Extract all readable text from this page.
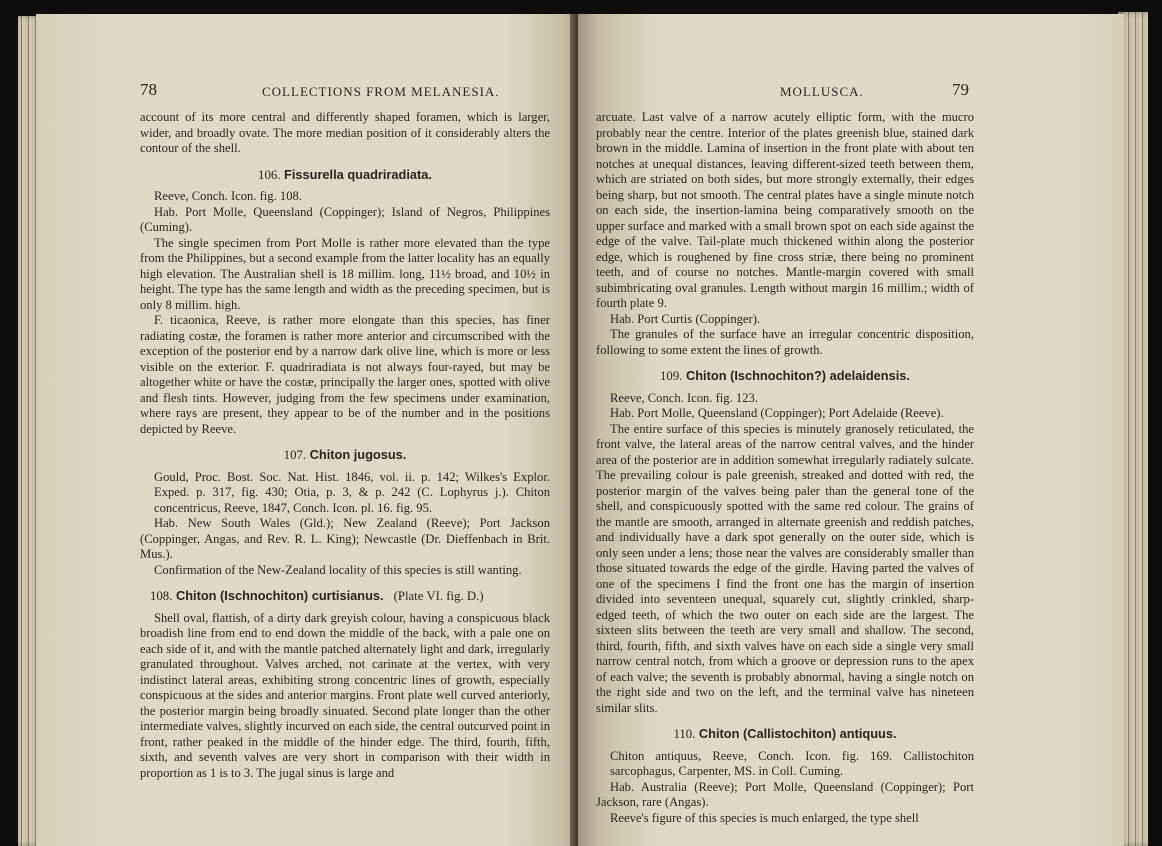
78	COLLECTIONS FROM MELANESIA.

account of its more central and differently shaped foramen, which is larger, wider, and broadly ovate. The more median position of it considerably alters the contour of the shell.

106. Fissurella quadriradiata.

Reeve, Conch. Icon. fig. 108.

Hab. Port Molle, Queensland (Coppinger); Island of Negros, Philippines (Cuming).

The single specimen from Port Molle is rather more elevated than the type from the Philippines, but a second example from the latter locality has an equally high elevation. The Australian shell is 18 millim. long, 11½ broad, and 10½ in height. The type has the same length and width as the preceding specimen, but is only 8 millim. high.

F. ticaonica, Reeve, is rather more elongate than this species, has finer radiating costæ, the foramen is rather more anterior and circumscribed with the exception of the posterior end by a narrow dark olive line, which is more or less visible on the exterior. F. quadriradiata is not always four-rayed, but may be altogether white or have the costæ, principally the larger ones, spotted with olive and flesh tints. However, judging from the few specimens under examination, where rays are present, they appear to be of the number and in the positions depicted by Reeve.

107. Chiton jugosus.

Gould, Proc. Bost. Soc. Nat. Hist. 1846, vol. ii. p. 142; Wilkes's Explor. Exped. p. 317, fig. 430; Otia, p. 3, & p. 242 (C. Lophyrus j.). Chiton concentricus, Reeve, 1847, Conch. Icon. pl. 16. fig. 95.

Hab. New South Wales (Gld.); New Zealand (Reeve); Port Jackson (Coppinger, Angas, and Rev. R. L. King); Newcastle (Dr. Dieffenbach in Brit. Mus.).

Confirmation of the New-Zealand locality of this species is still wanting.

108. Chiton (Ischnochiton) curtisianus. (Plate VI. fig. D.)

Shell oval, flattish, of a dirty dark greyish colour, having a conspicuous black broadish line from end to end down the middle of the back, with a pale one on each side of it, and with the mantle patched alternately light and dark, irregularly granulated throughout. Valves arched, not carinate at the vertex, with very indistinct lateral areas, exhibiting strong concentric lines of growth, especially conspicuous at the sides and anterior margins. Front plate well curved anteriorly, the posterior margin being broadly sinuated. Second plate longer than the other intermediate valves, slightly incurved on each side, the central outcurved point in front, rather peaked in the middle of the hinder edge. The third, fourth, fifth, sixth, and seventh valves are very short in comparison with their width in proportion as 1 is to 3. The jugal sinus is large and

MOLLUSCA.	79

arcuate. Last valve of a narrow acutely elliptic form, with the mucro probably near the centre. Interior of the plates greenish blue, stained dark brown in the middle. Lamina of insertion in the front plate with about ten notches at unequal distances, leaving different-sized teeth between them, which are striated on both sides, but more strongly externally, their edges being sharp, but not smooth. The central plates have a single minute notch on each side, the insertion-lamina being comparatively smooth on the upper surface and marked with a small brown spot on each side against the edge of the valve. Tail-plate much thickened within along the posterior edge, which is roughened by fine cross striæ, there being no prominent teeth, and of course no notches. Mantle-margin covered with small subimbricating oval granules. Length without margin 16 millim.; width of fourth plate 9.

Hab. Port Curtis (Coppinger).

The granules of the surface have an irregular concentric disposition, following to some extent the lines of growth.

109. Chiton (Ischnochiton?) adelaidensis.

Reeve, Conch. Icon. fig. 123.

Hab. Port Molle, Queensland (Coppinger); Port Adelaide (Reeve).

The entire surface of this species is minutely granosely reticulated, the front valve, the lateral areas of the narrow central valves, and the hinder area of the posterior are in addition somewhat irregularly radiately sulcate. The prevailing colour is pale greenish, streaked and dotted with red, the posterior margin of the valves being paler than the general tone of the shell, and conspicuously spotted with the same red colour. The grains of the mantle are smooth, arranged in alternate greenish and reddish patches, and individually have a dark spot generally on the outer side, which is only seen under a lens; those near the valves are considerably smaller than those situated towards the edge of the girdle. Having parted the valves of one of the specimens I find the front one has the margin of insertion divided into seventeen unequal, squarely cut, slightly crinkled, sharp-edged teeth, of which the two outer on each side are the largest. The sixteen slits between the teeth are very small and shallow. The second, third, fourth, fifth, and sixth valves have on each side a single very small narrow central notch, from which a groove or depression runs to the apex of each valve; the seventh is probably abnormal, having a single notch on the right side and two on the left, and the terminal valve has nineteen similar slits.

110. Chiton (Callistochiton) antiquus.

Chiton antiquus, Reeve, Conch. Icon. fig. 169. Callistochiton sarcophagus, Carpenter, MS. in Coll. Cuming.

Hab. Australia (Reeve); Port Molle, Queensland (Coppinger); Port Jackson, rare (Angas).

Reeve's figure of this species is much enlarged, the type shell
